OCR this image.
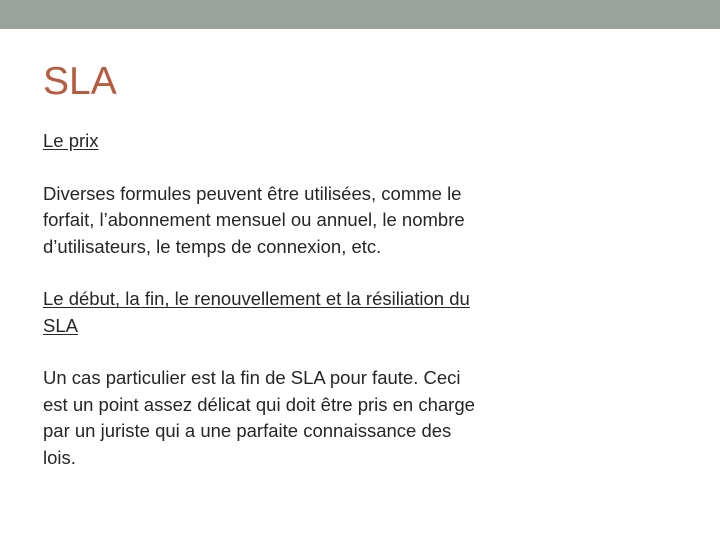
SLA

Le prix

Diverses formules peuvent être utilisées, comme le forfait, l’abonnement mensuel ou annuel, le nombre d’utilisateurs, le temps de connexion, etc.

Le début, la fin, le renouvellement et la résiliation du SLA

Un cas particulier est la fin de SLA pour faute. Ceci est un point assez délicat qui doit être pris en charge par un juriste qui a une parfaite connaissance des lois.
